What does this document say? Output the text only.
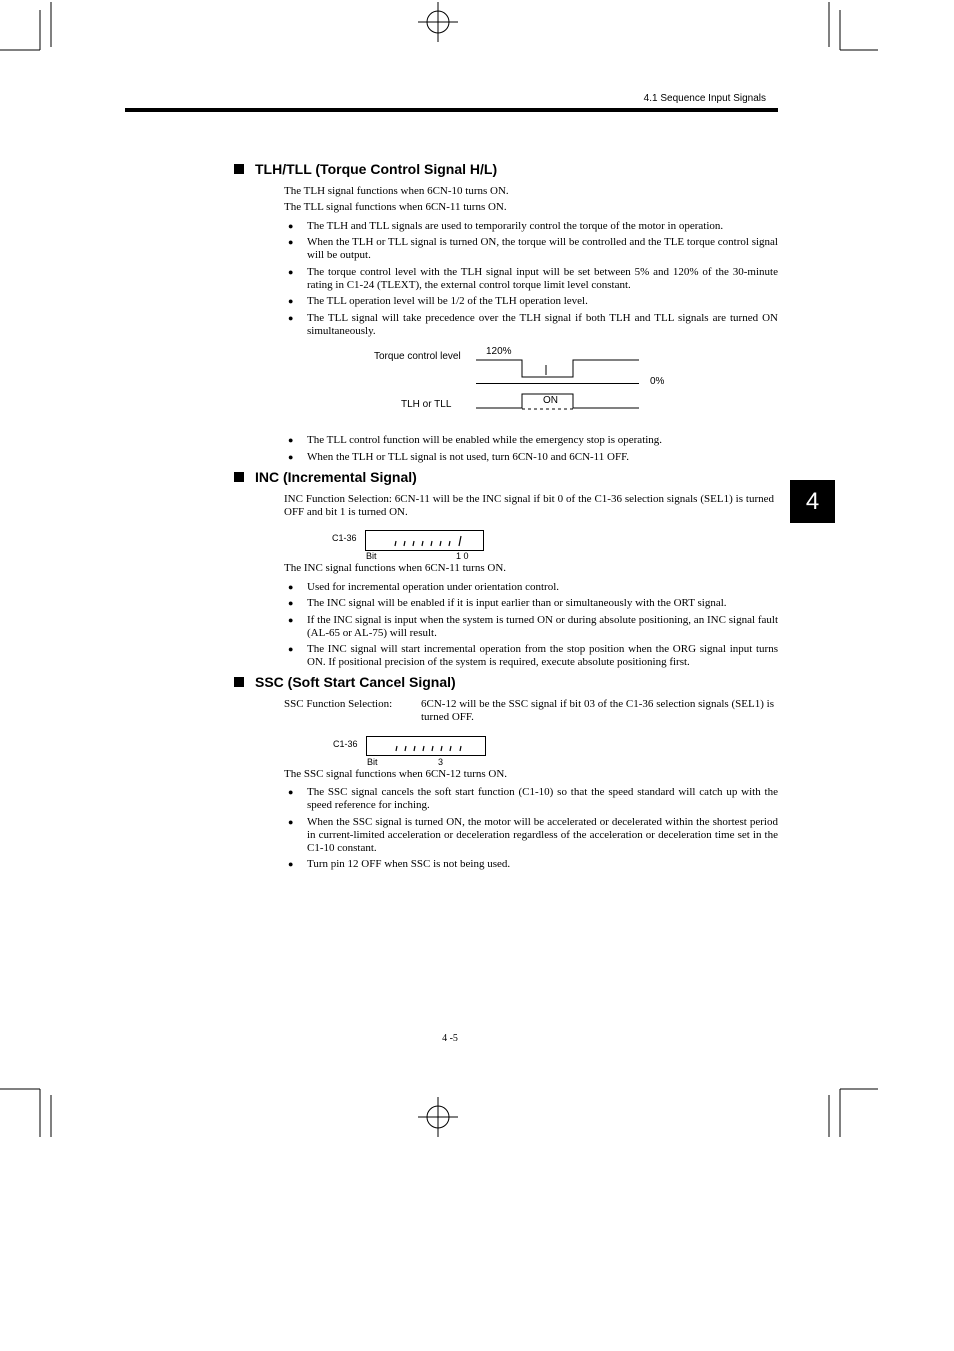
4.1 Sequence Input Signals
4
TLH/TLL (Torque Control Signal H/L)
The TLH signal functions when 6CN-10 turns ON.
The TLL signal functions when 6CN-11 turns ON.
● The TLH and TLL signals are used to temporarily control the torque of the motor in operation.
● When the TLH or TLL signal is turned ON, the torque will be controlled and the TLE torque control signal will be output.
● The torque control level with the TLH signal input will be set between 5% and 120% of the 30-minute rating in C1-24 (TLEXT), the external control torque limit level constant.
● The TLL operation level will be 1/2 of the TLH operation level.
● The TLL signal will take precedence over the TLH signal if both TLH and TLL signals are turned ON simultaneously.
Torque control level	120%
0%
TLH or TLL	ON
● The TLL control function will be enabled while the emergency stop is operating.
● When the TLH or TLL signal is not used, turn 6CN-10 and 6CN-11 OFF.
INC (Incremental Signal)
INC Function Selection: 6CN-11 will be the INC signal if bit 0 of the C1-36 selection signals (SEL1) is turned OFF and bit 1 is turned ON.
C1-36
Bit	1 0
The INC signal functions when 6CN-11 turns ON.
● Used for incremental operation under orientation control.
● The INC signal will be enabled if it is input earlier than or simultaneously with the ORT signal.
● If the INC signal is input when the system is turned ON or during absolute positioning, an INC signal fault (AL-65 or AL-75) will result.
● The INC signal will start incremental operation from the stop position when the ORG signal input turns ON. If positional precision of the system is required, execute absolute positioning first.
SSC (Soft Start Cancel Signal)
SSC Function Selection:	6CN-12 will be the SSC signal if bit 03 of the C1-36 selection signals (SEL1) is turned OFF.
C1-36
Bit	3
The SSC signal functions when 6CN-12 turns ON.
● The SSC signal cancels the soft start function (C1-10) so that the speed standard will catch up with the speed reference for inching.
● When the SSC signal is turned ON, the motor will be accelerated or decelerated within the shortest period in current-limited acceleration or deceleration regardless of the acceleration or deceleration time set in the C1-10 constant.
● Turn pin 12 OFF when SSC is not being used.
4 -5
